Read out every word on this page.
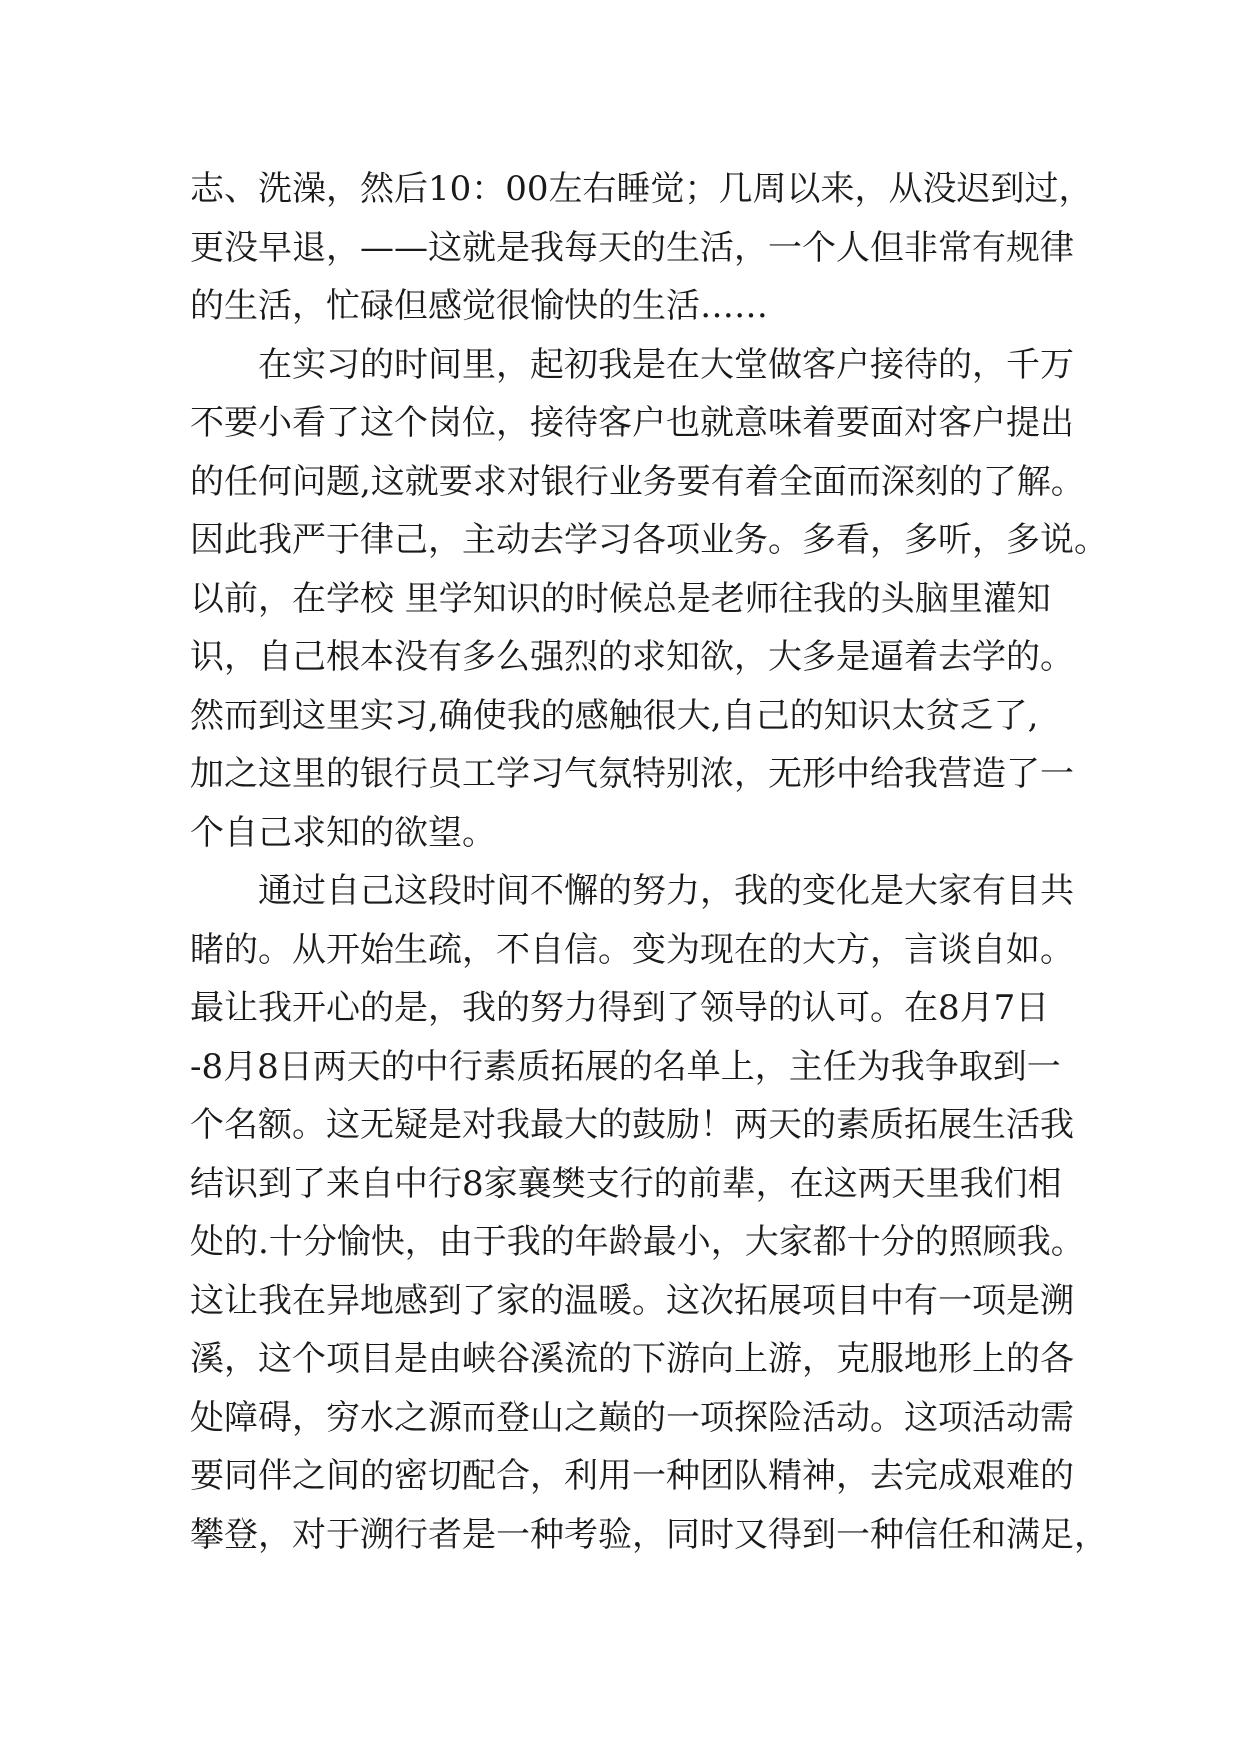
志、洗澡，然后10：00左右睡觉；几周以来，从没迟到过，
更没早退，——这就是我每天的生活，一个人但非常有规律
的生活，忙碌但感觉很愉快的生活……
在实习的时间里，起初我是在大堂做客户接待的，千万
不要小看了这个岗位，接待客户也就意味着要面对客户提出
的任何问题,这就要求对银行业务要有着全面而深刻的了解。
因此我严于律己，主动去学习各项业务。多看，多听，多说。
以前，在学校 里学知识的时候总是老师往我的头脑里灌知
识，自己根本没有多么强烈的求知欲，大多是逼着去学的。
然而到这里实习,确使我的感触很大,自己的知识太贫乏了,
加之这里的银行员工学习气氛特别浓，无形中给我营造了一
个自己求知的欲望。
通过自己这段时间不懈的努力，我的变化是大家有目共
睹的。从开始生疏，不自信。变为现在的大方，言谈自如。
最让我开心的是，我的努力得到了领导的认可。在8月7日
-8月8日两天的中行素质拓展的名单上，主任为我争取到一
个名额。这无疑是对我最大的鼓励！两天的素质拓展生活我
结识到了来自中行8家襄樊支行的前辈，在这两天里我们相
处的.十分愉快，由于我的年龄最小，大家都十分的照顾我。
这让我在异地感到了家的温暖。这次拓展项目中有一项是溯
溪，这个项目是由峡谷溪流的下游向上游，克服地形上的各
处障碍，穷水之源而登山之巅的一项探险活动。这项活动需
要同伴之间的密切配合，利用一种团队精神，去完成艰难的
攀登，对于溯行者是一种考验，同时又得到一种信任和满足，
